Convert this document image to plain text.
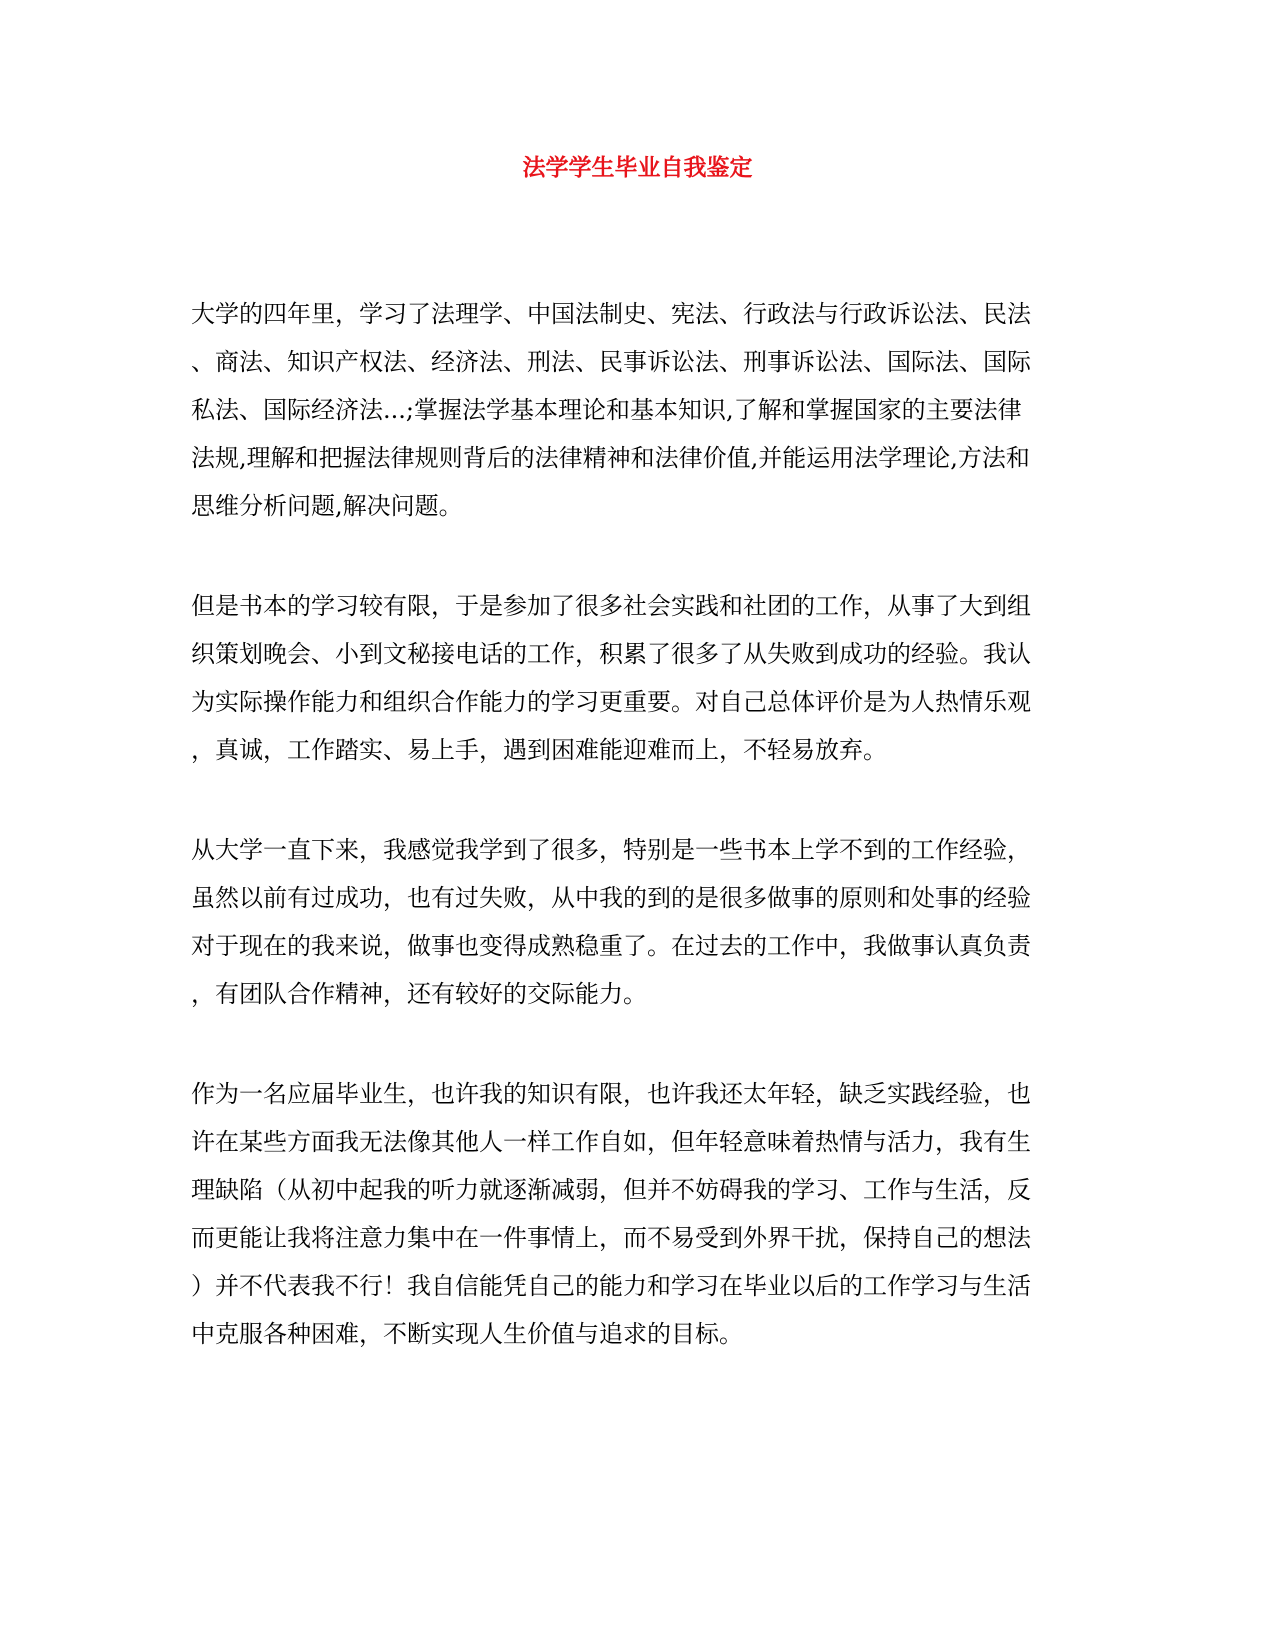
法学学生毕业自我鉴定
大学的四年里，学习了法理学、中国法制史、宪法、行政法与行政诉讼法、民法
、商法、知识产权法、经济法、刑法、民事诉讼法、刑事诉讼法、国际法、国际
私法、国际经济法...;掌握法学基本理论和基本知识,了解和掌握国家的主要法律
法规,理解和把握法律规则背后的法律精神和法律价值,并能运用法学理论,方法和
思维分析问题,解决问题。
但是书本的学习较有限，于是参加了很多社会实践和社团的工作，从事了大到组
织策划晚会、小到文秘接电话的工作，积累了很多了从失败到成功的经验。我认
为实际操作能力和组织合作能力的学习更重要。对自己总体评价是为人热情乐观
，真诚，工作踏实、易上手，遇到困难能迎难而上，不轻易放弃。
从大学一直下来，我感觉我学到了很多，特别是一些书本上学不到的工作经验，
虽然以前有过成功，也有过失败，从中我的到的是很多做事的原则和处事的经验
对于现在的我来说，做事也变得成熟稳重了。在过去的工作中，我做事认真负责
，有团队合作精神，还有较好的交际能力。
作为一名应届毕业生，也许我的知识有限，也许我还太年轻，缺乏实践经验，也
许在某些方面我无法像其他人一样工作自如，但年轻意味着热情与活力，我有生
理缺陷（从初中起我的听力就逐渐减弱，但并不妨碍我的学习、工作与生活，反
而更能让我将注意力集中在一件事情上，而不易受到外界干扰，保持自己的想法
）并不代表我不行！我自信能凭自己的能力和学习在毕业以后的工作学习与生活
中克服各种困难，不断实现人生价值与追求的目标。
